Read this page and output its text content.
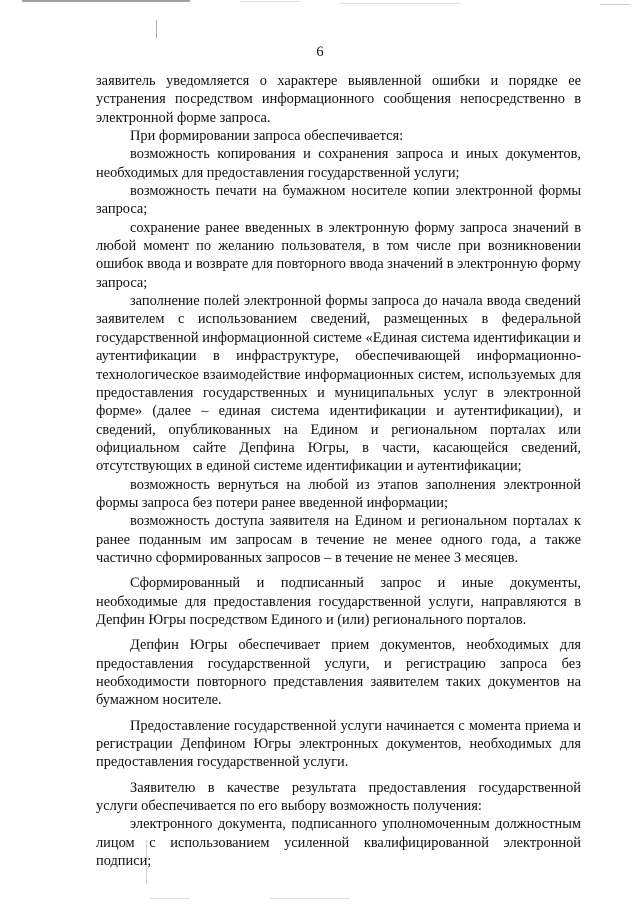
6

заявитель уведомляется о характере выявленной ошибки и порядке ее устранения посредством информационного сообщения непосредственно в электронной форме запроса.

При формировании запроса обеспечивается:

возможность копирования и сохранения запроса и иных документов, необходимых для предоставления государственной услуги;

возможность печати на бумажном носителе копии электронной формы запроса;

сохранение ранее введенных в электронную форму запроса значений в любой момент по желанию пользователя, в том числе при возникновении ошибок ввода и возврате для повторного ввода значений в электронную форму запроса;

заполнение полей электронной формы запроса до начала ввода сведений заявителем с использованием сведений, размещенных в федеральной государственной информационной системе «Единая система идентификации и аутентификации в инфраструктуре, обеспечивающей информационно-технологическое взаимодействие информационных систем, используемых для предоставления государственных и муниципальных услуг в электронной форме» (далее – единая система идентификации и аутентификации), и сведений, опубликованных на Едином и региональном порталах или официальном сайте Депфина Югры, в части, касающейся сведений, отсутствующих в единой системе идентификации и аутентификации;

возможность вернуться на любой из этапов заполнения электронной формы запроса без потери ранее введенной информации;

возможность доступа заявителя на Едином и региональном порталах к ранее поданным им запросам в течение не менее одного года, а также частично сформированных запросов – в течение не менее 3 месяцев.

Сформированный и подписанный запрос и иные документы, необходимые для предоставления государственной услуги, направляются в Депфин Югры посредством Единого и (или) регионального порталов.

Депфин Югры обеспечивает прием документов, необходимых для предоставления государственной услуги, и регистрацию запроса без необходимости повторного представления заявителем таких документов на бумажном носителе.

Предоставление государственной услуги начинается с момента приема и регистрации Депфином Югры электронных документов, необходимых для предоставления государственной услуги.

Заявителю в качестве результата предоставления государственной услуги обеспечивается по его выбору возможность получения:

электронного документа, подписанного уполномоченным должностным лицом с использованием усиленной квалифицированной электронной подписи;
